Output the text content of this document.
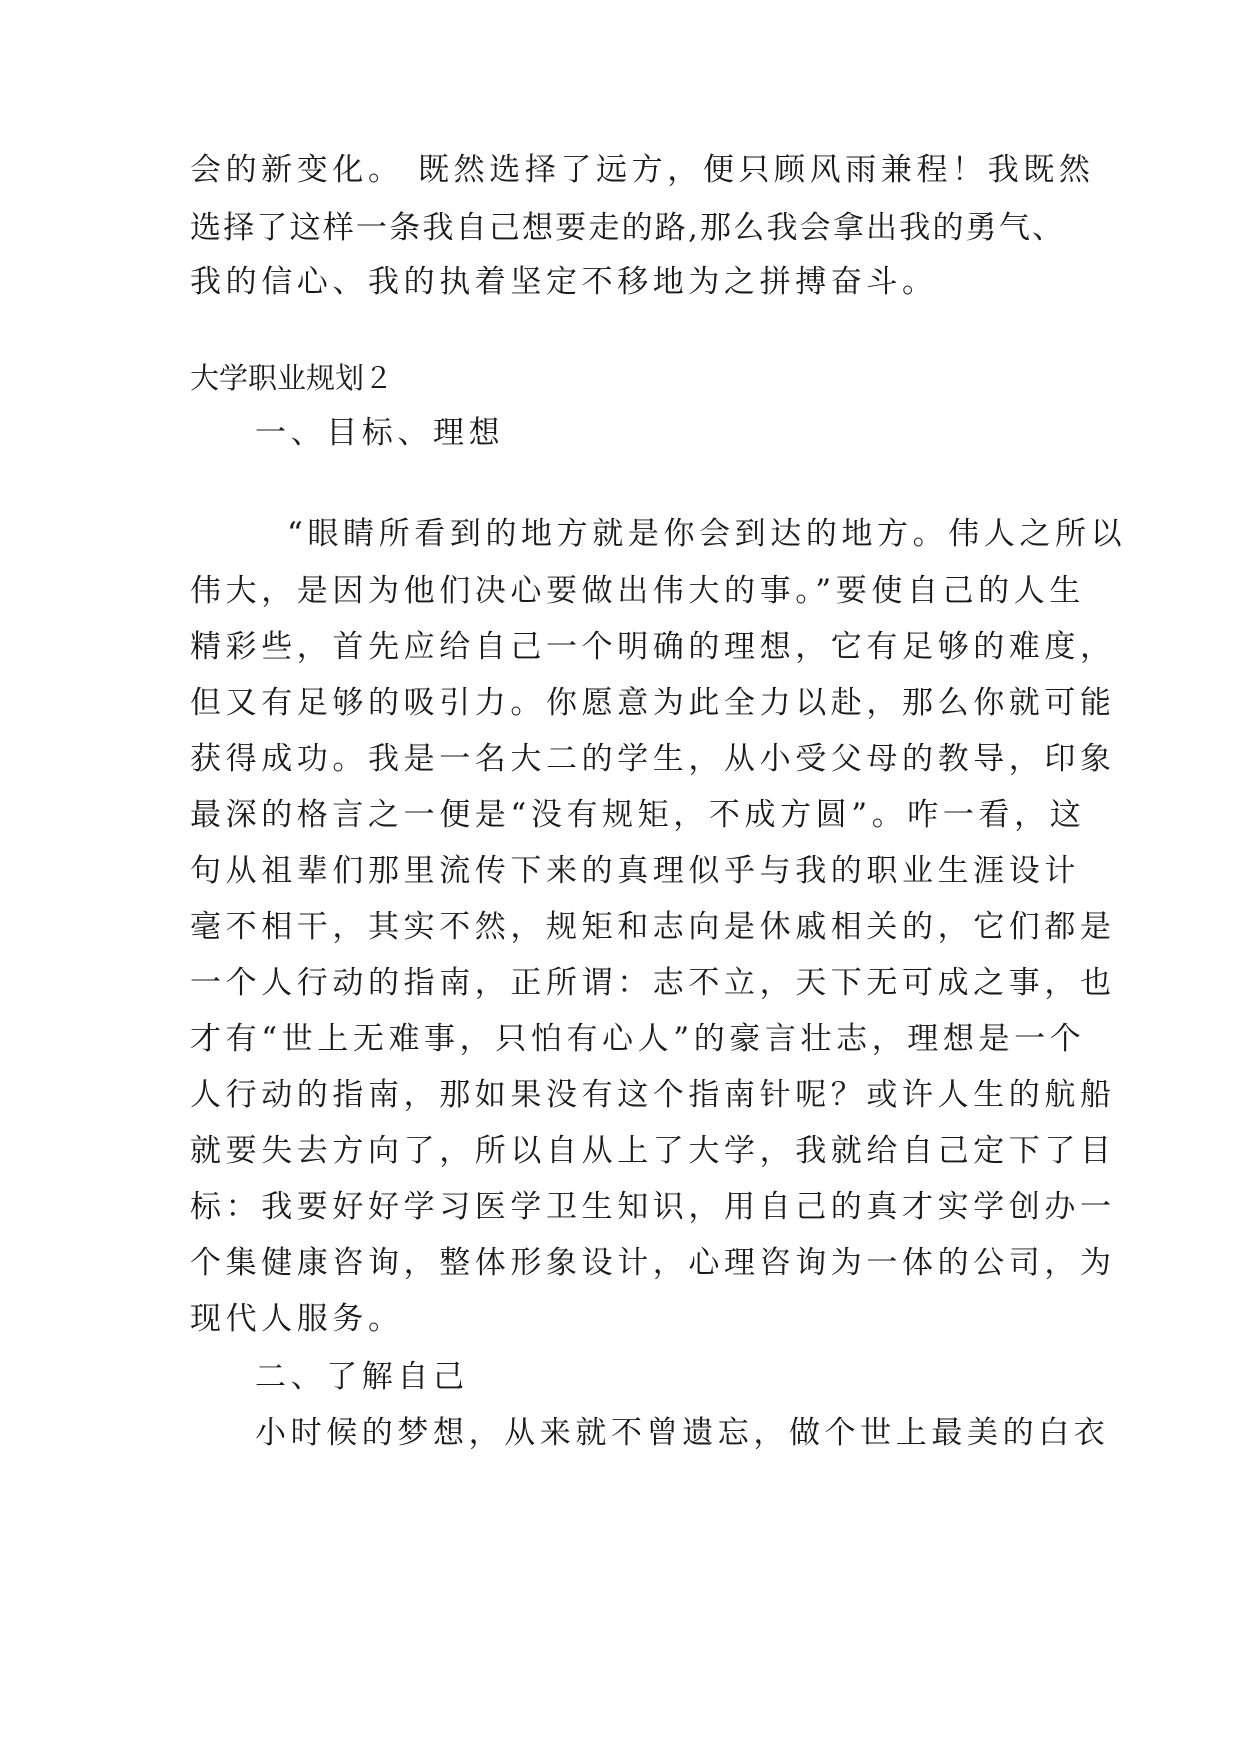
会的新变化。 既然选择了远方，便只顾风雨兼程！我既然
选择了这样一条我自己想要走的路,那么我会拿出我的勇气、
我的信心、我的执着坚定不移地为之拼搏奋斗。
大学职业规划２
一、目标、理想
“眼睛所看到的地方就是你会到达的地方。伟人之所以
伟大，是因为他们决心要做出伟大的事。”要使自己的人生
精彩些，首先应给自己一个明确的理想，它有足够的难度，
但又有足够的吸引力。你愿意为此全力以赴，那么你就可能
获得成功。我是一名大二的学生，从小受父母的教导，印象
最深的格言之一便是“没有规矩，不成方圆”。咋一看，这
句从祖辈们那里流传下来的真理似乎与我的职业生涯设计
毫不相干，其实不然，规矩和志向是休戚相关的，它们都是
一个人行动的指南，正所谓：志不立，天下无可成之事，也
才有“世上无难事，只怕有心人”的豪言壮志，理想是一个
人行动的指南，那如果没有这个指南针呢？或许人生的航船
就要失去方向了，所以自从上了大学，我就给自己定下了目
标：我要好好学习医学卫生知识，用自己的真才实学创办一
个集健康咨询，整体形象设计，心理咨询为一体的公司，为
现代人服务。
二、了解自己
小时候的梦想，从来就不曾遗忘，做个世上最美的白衣
